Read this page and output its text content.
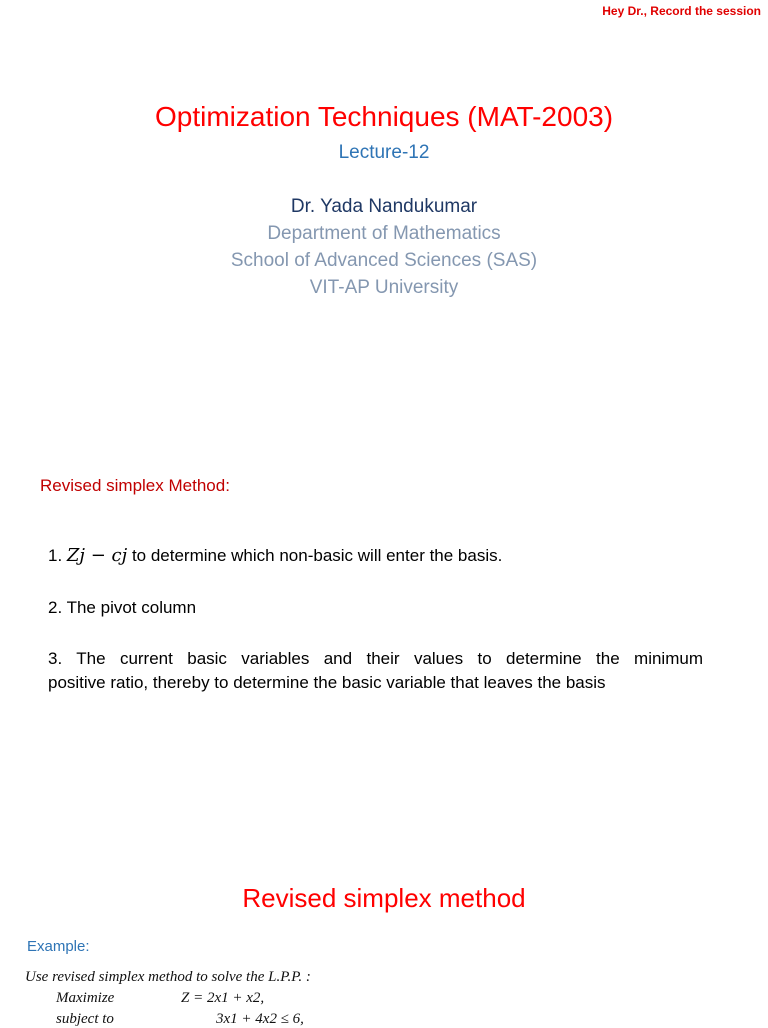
Hey Dr., Record the session
Optimization Techniques (MAT-2003)
Lecture-12
Dr. Yada Nandukumar
Department of Mathematics
School of Advanced Sciences (SAS)
VIT-AP University
Revised simplex Method:
1. Zj − cj to determine which non-basic will enter the basis.
2. The pivot column
3. The current basic variables and their values to determine the minimum
positive ratio, thereby to determine the basic variable that leaves the basis
Revised simplex method
Example:
Use revised simplex method to solve the L.P.P. :
Maximize	Z = 2x1 + x2,
subject to	3x1 + 4x2 ≤ 6,
